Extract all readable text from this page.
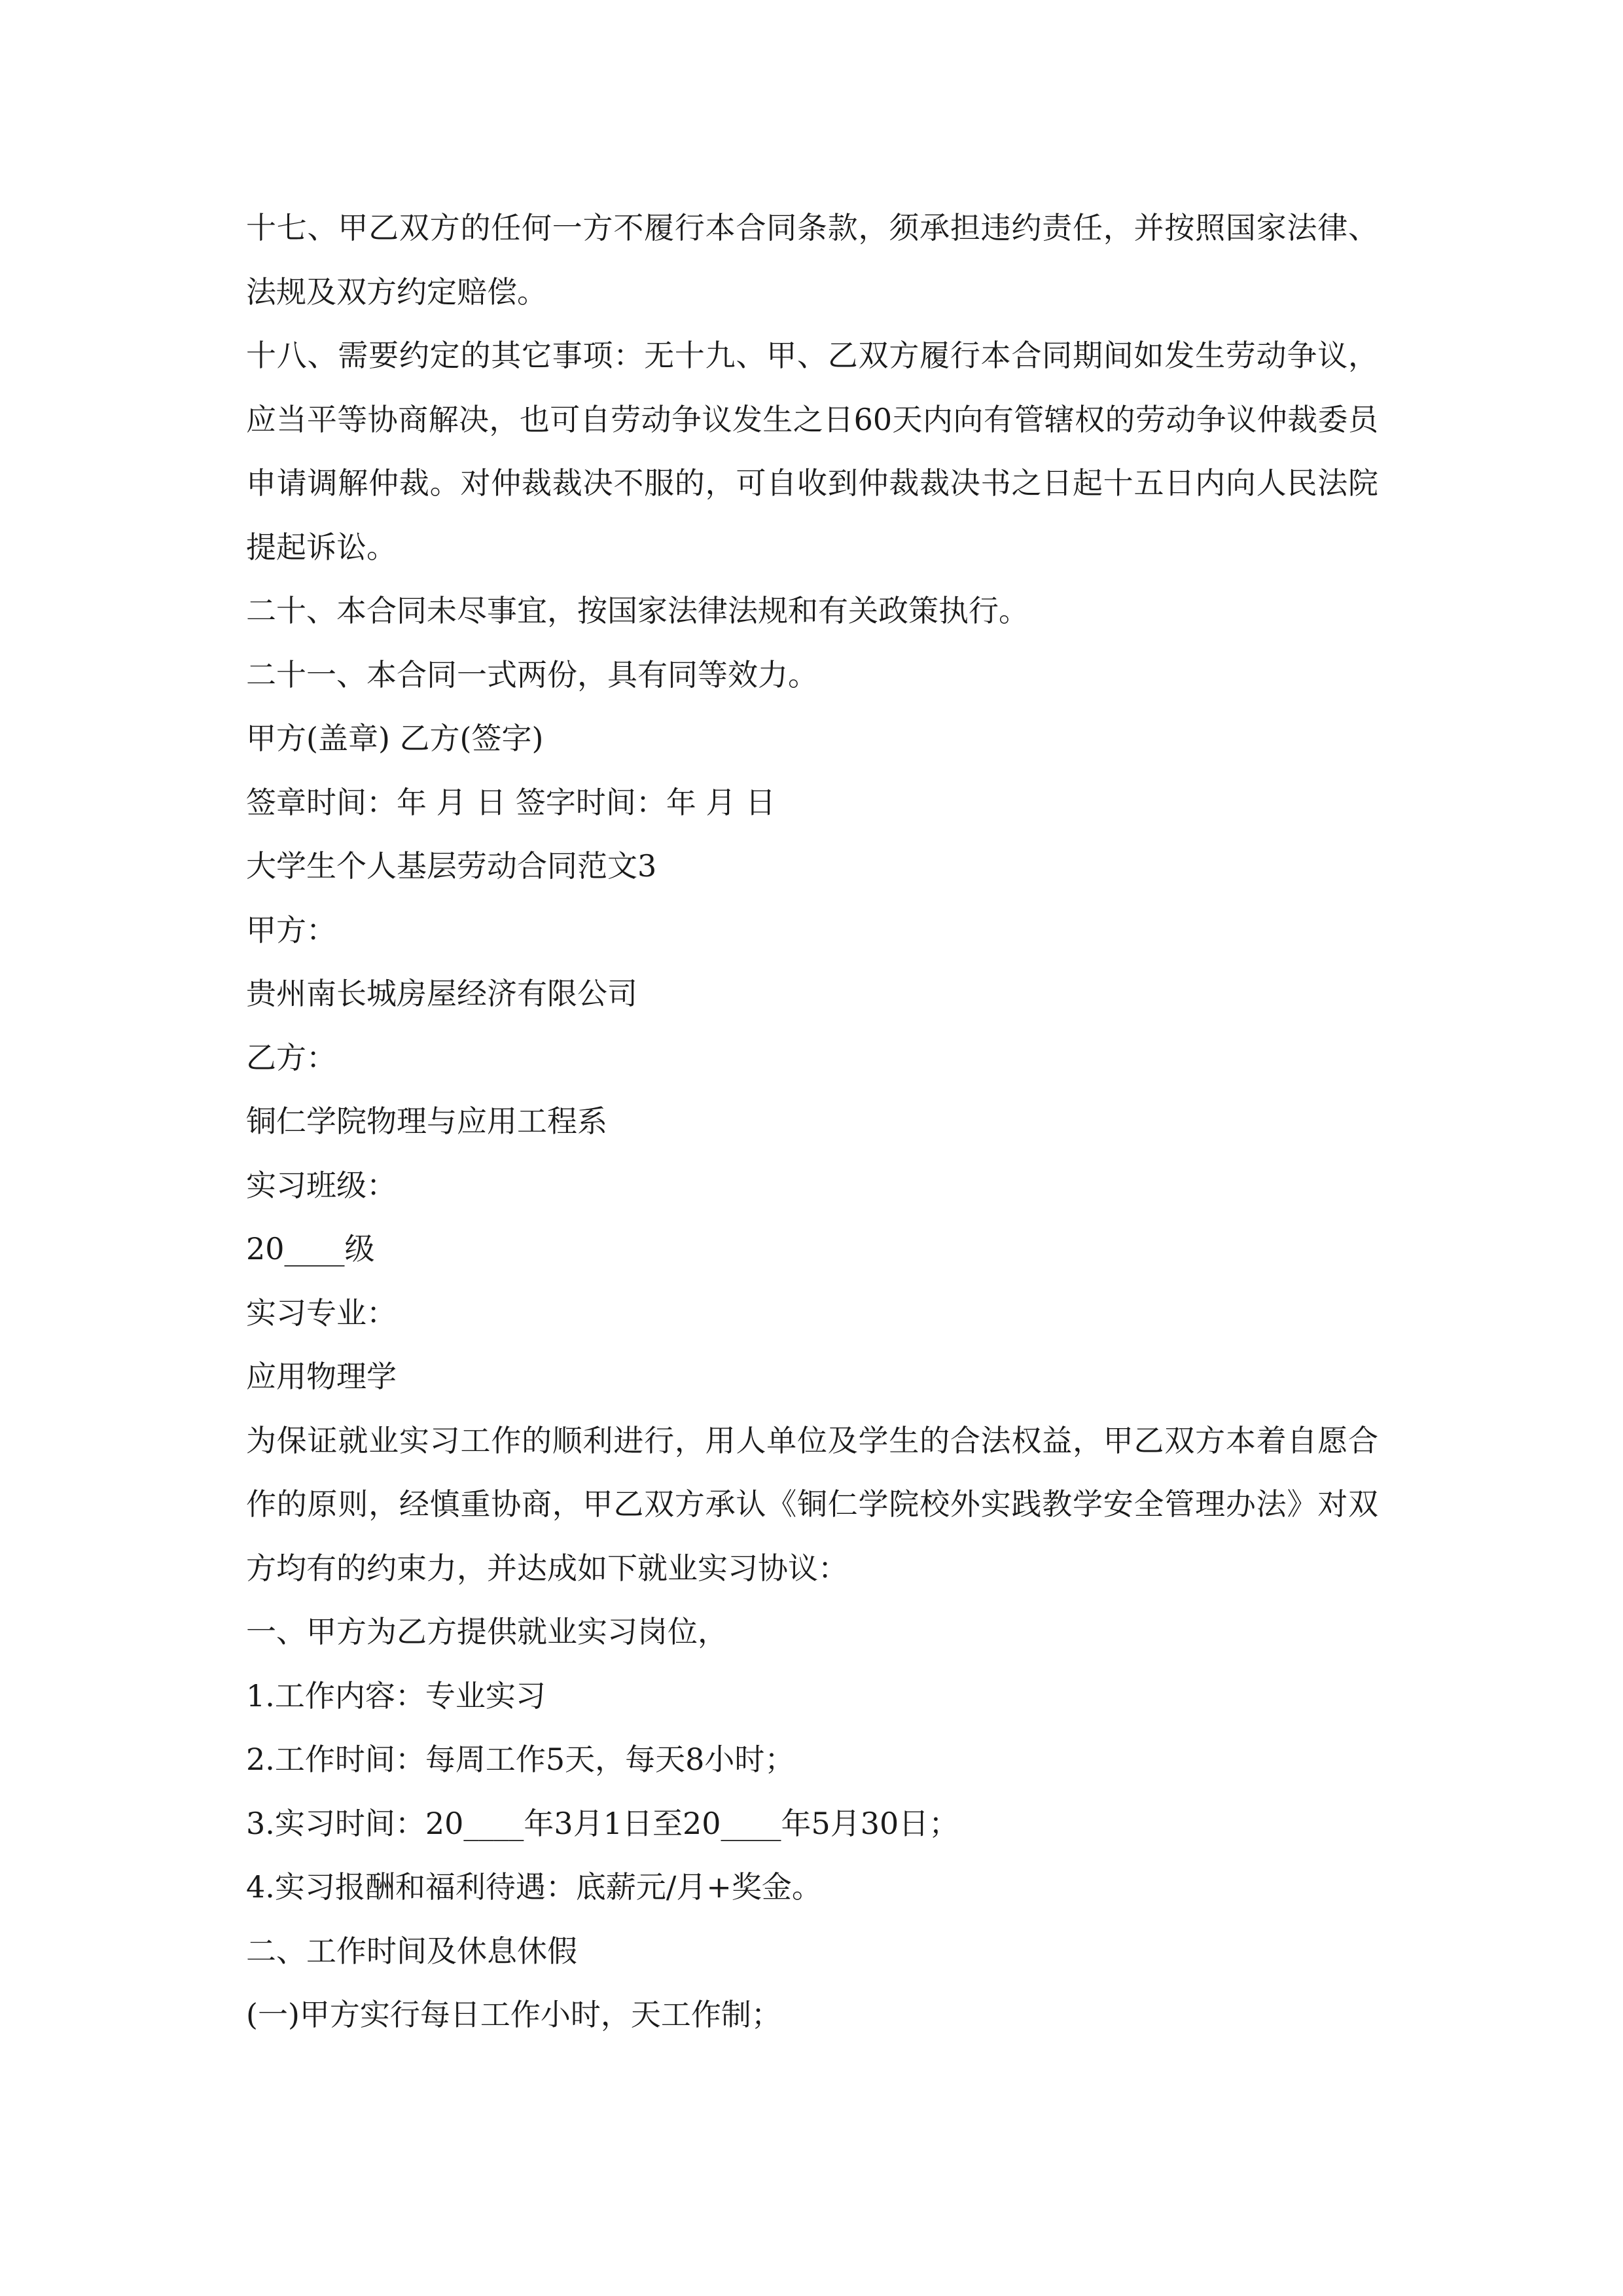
十七、甲乙双方的任何一方不履行本合同条款，须承担违约责任，并按照国家法律、法规及双方约定赔偿。

十八、需要约定的其它事项：无十九、甲、乙双方履行本合同期间如发生劳动争议，应当平等协商解决，也可自劳动争议发生之日60天内向有管辖权的劳动争议仲裁委员申请调解仲裁。对仲裁裁决不服的，可自收到仲裁裁决书之日起十五日内向人民法院提起诉讼。

二十、本合同未尽事宜，按国家法律法规和有关政策执行。

二十一、本合同一式两份，具有同等效力。

甲方(盖章) 乙方(签字)

签章时间：年 月 日 签字时间：年 月 日

大学生个人基层劳动合同范文3

甲方：

贵州南长城房屋经济有限公司

乙方：

铜仁学院物理与应用工程系

实习班级：

20____级

实习专业：

应用物理学

为保证就业实习工作的顺利进行，用人单位及学生的合法权益，甲乙双方本着自愿合作的原则，经慎重协商，甲乙双方承认《铜仁学院校外实践教学安全管理办法》对双方均有的约束力，并达成如下就业实习协议：

一、甲方为乙方提供就业实习岗位，

1.工作内容：专业实习

2.工作时间：每周工作5天，每天8小时；

3.实习时间：20____年3月1日至20____年5月30日；

4.实习报酬和福利待遇：底薪元/月+奖金。

二、工作时间及休息休假

(一)甲方实行每日工作小时，天工作制；
